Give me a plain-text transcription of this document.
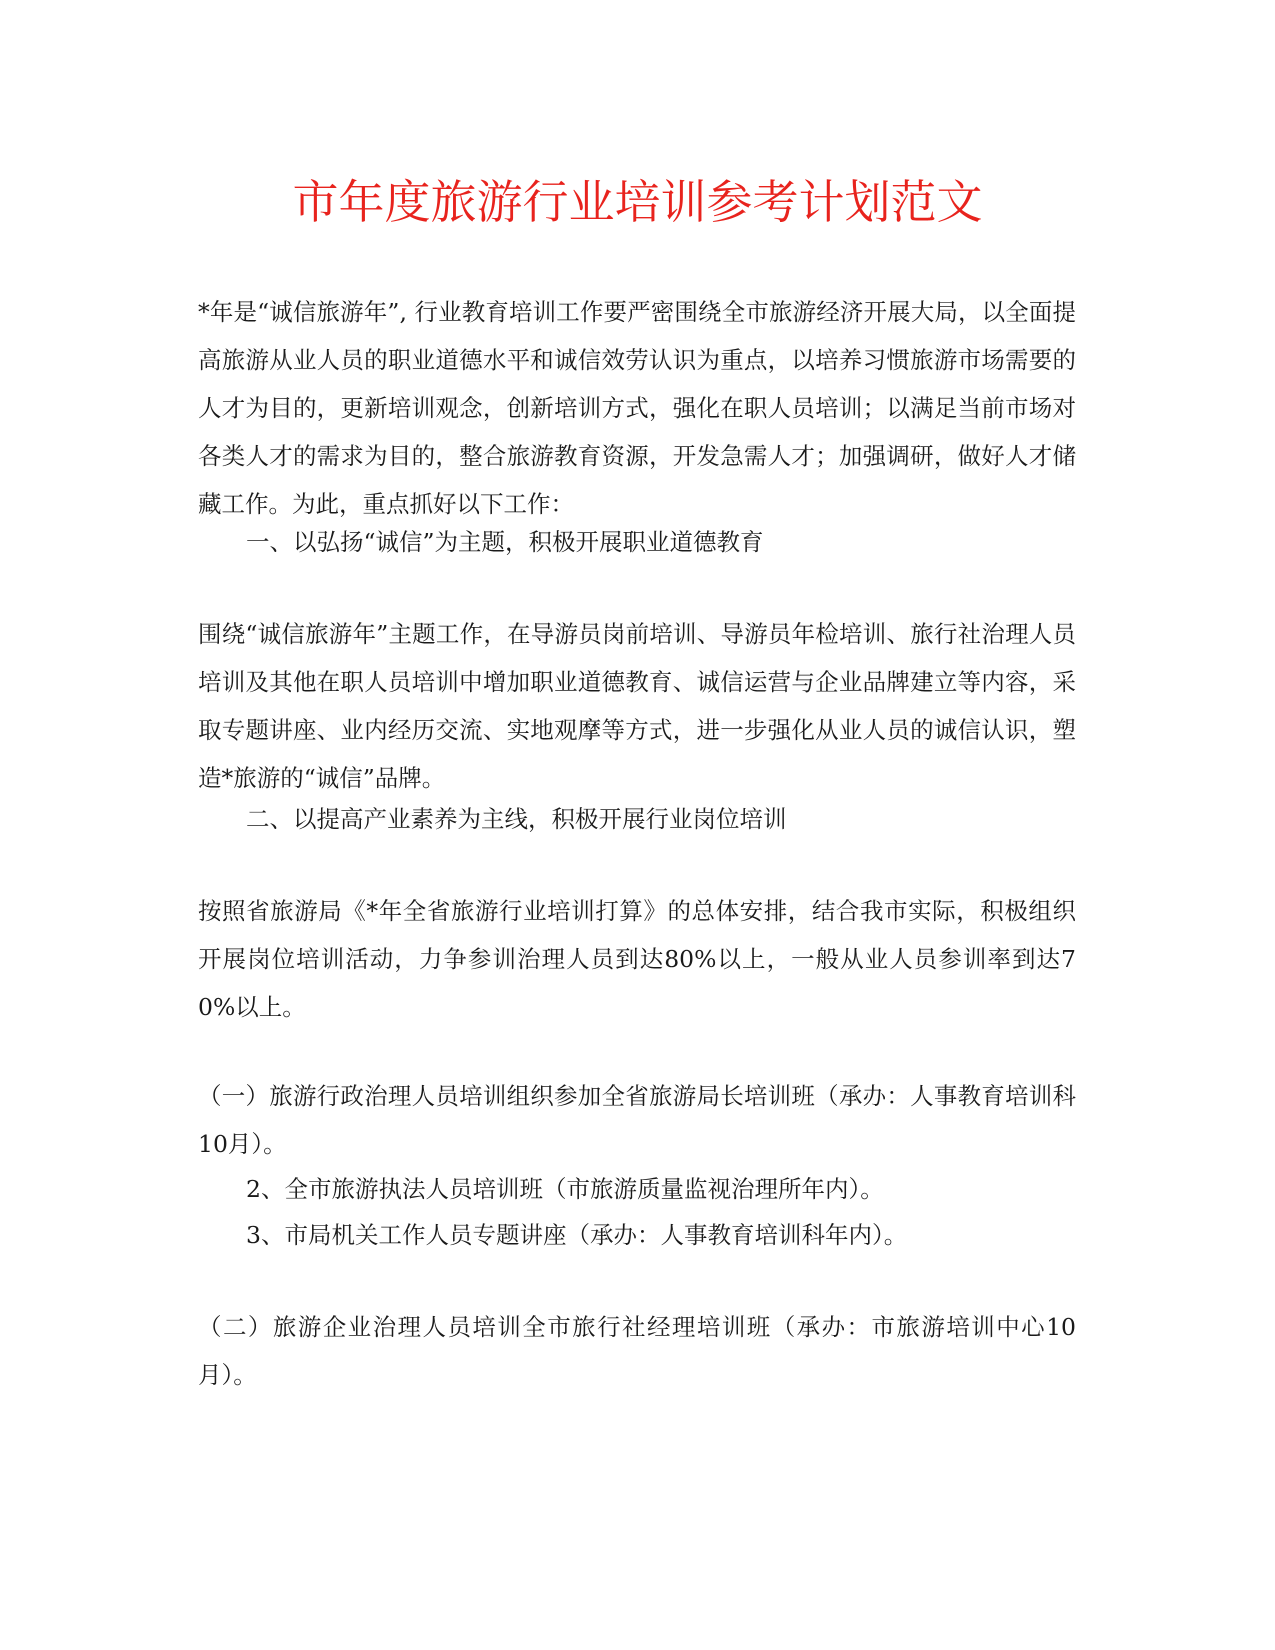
市年度旅游行业培训参考计划范文

*年是“诚信旅游年”, 行业教育培训工作要严密围绕全市旅游经济开展大局，以全面提高旅游从业人员的职业道德水平和诚信效劳认识为重点，以培养习惯旅游市场需要的人才为目的，更新培训观念，创新培训方式，强化在职人员培训；以满足当前市场对各类人才的需求为目的，整合旅游教育资源，开发急需人才；加强调研，做好人才储藏工作。为此，重点抓好以下工作：

一、以弘扬“诚信”为主题，积极开展职业道德教育

围绕“诚信旅游年”主题工作，在导游员岗前培训、导游员年检培训、旅行社治理人员培训及其他在职人员培训中增加职业道德教育、诚信运营与企业品牌建立等内容，采取专题讲座、业内经历交流、实地观摩等方式，进一步强化从业人员的诚信认识，塑造*旅游的“诚信”品牌。

二、以提高产业素养为主线，积极开展行业岗位培训

按照省旅游局《*年全省旅游行业培训打算》的总体安排，结合我市实际，积极组织开展岗位培训活动，力争参训治理人员到达80%以上，一般从业人员参训率到达70%以上。

（一）旅游行政治理人员培训组织参加全省旅游局长培训班（承办：人事教育培训科10月）。

2、全市旅游执法人员培训班（市旅游质量监视治理所年内）。

3、市局机关工作人员专题讲座（承办：人事教育培训科年内）。

（二）旅游企业治理人员培训全市旅行社经理培训班（承办：市旅游培训中心10月）。
